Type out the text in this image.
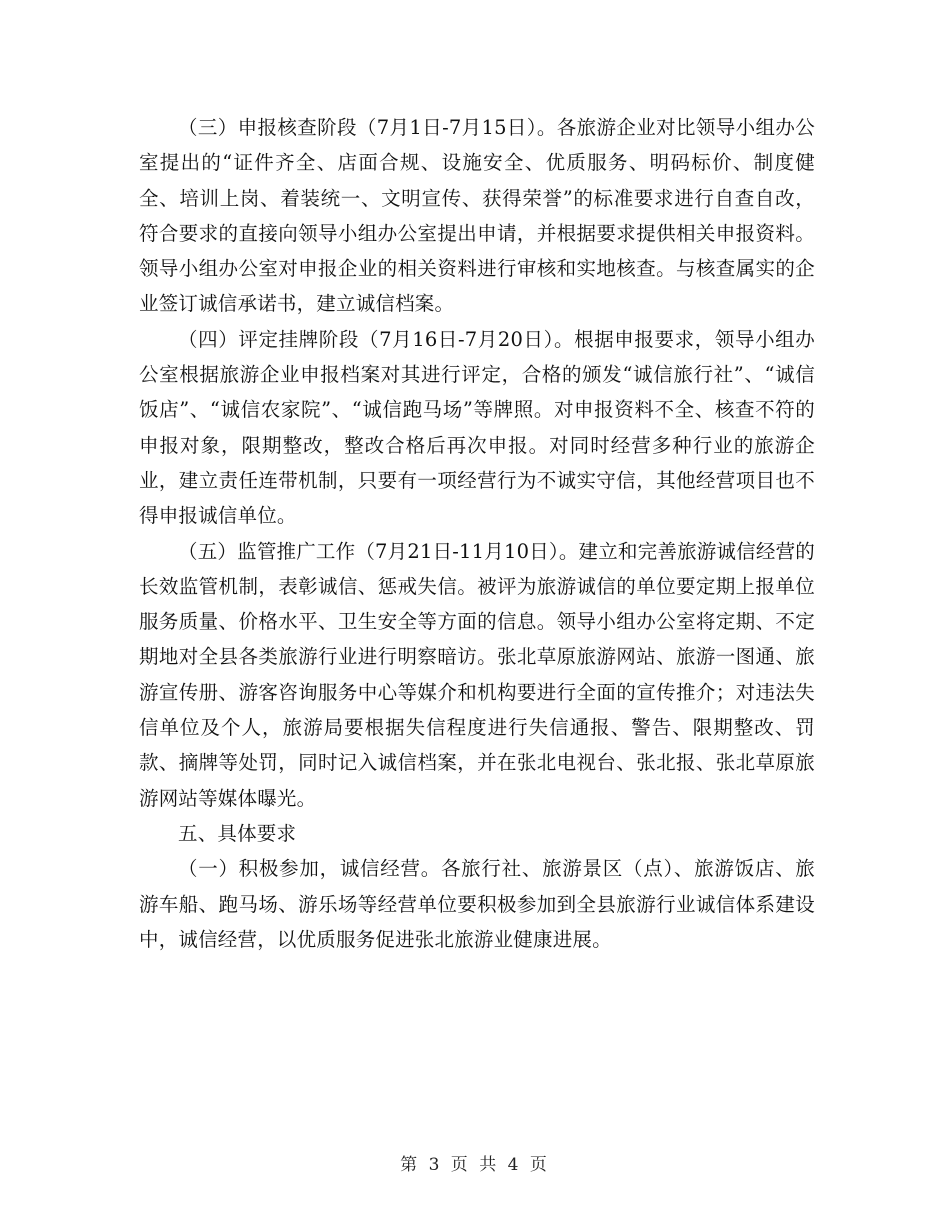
（三）申报核查阶段（7月1日-7月15日）。各旅游企业对比领导小组办公室提出的“证件齐全、店面合规、设施安全、优质服务、明码标价、制度健全、培训上岗、着装统一、文明宣传、获得荣誉”的标准要求进行自查自改，符合要求的直接向领导小组办公室提出申请，并根据要求提供相关申报资料。领导小组办公室对申报企业的相关资料进行审核和实地核查。与核查属实的企业签订诚信承诺书，建立诚信档案。

（四）评定挂牌阶段（7月16日-7月20日）。根据申报要求，领导小组办公室根据旅游企业申报档案对其进行评定，合格的颁发“诚信旅行社”、“诚信饭店”、“诚信农家院”、“诚信跑马场”等牌照。对申报资料不全、核查不符的申报对象，限期整改，整改合格后再次申报。对同时经营多种行业的旅游企业，建立责任连带机制，只要有一项经营行为不诚实守信，其他经营项目也不得申报诚信单位。

（五）监管推广工作（7月21日-11月10日）。建立和完善旅游诚信经营的长效监管机制，表彰诚信、惩戒失信。被评为旅游诚信的单位要定期上报单位服务质量、价格水平、卫生安全等方面的信息。领导小组办公室将定期、不定期地对全县各类旅游行业进行明察暗访。张北草原旅游网站、旅游一图通、旅游宣传册、游客咨询服务中心等媒介和机构要进行全面的宣传推介；对违法失信单位及个人，旅游局要根据失信程度进行失信通报、警告、限期整改、罚款、摘牌等处罚，同时记入诚信档案，并在张北电视台、张北报、张北草原旅游网站等媒体曝光。

五、具体要求

（一）积极参加，诚信经营。各旅行社、旅游景区（点）、旅游饭店、旅游车船、跑马场、游乐场等经营单位要积极参加到全县旅游行业诚信体系建设中，诚信经营，以优质服务促进张北旅游业健康进展。

第 3 页 共 4 页
